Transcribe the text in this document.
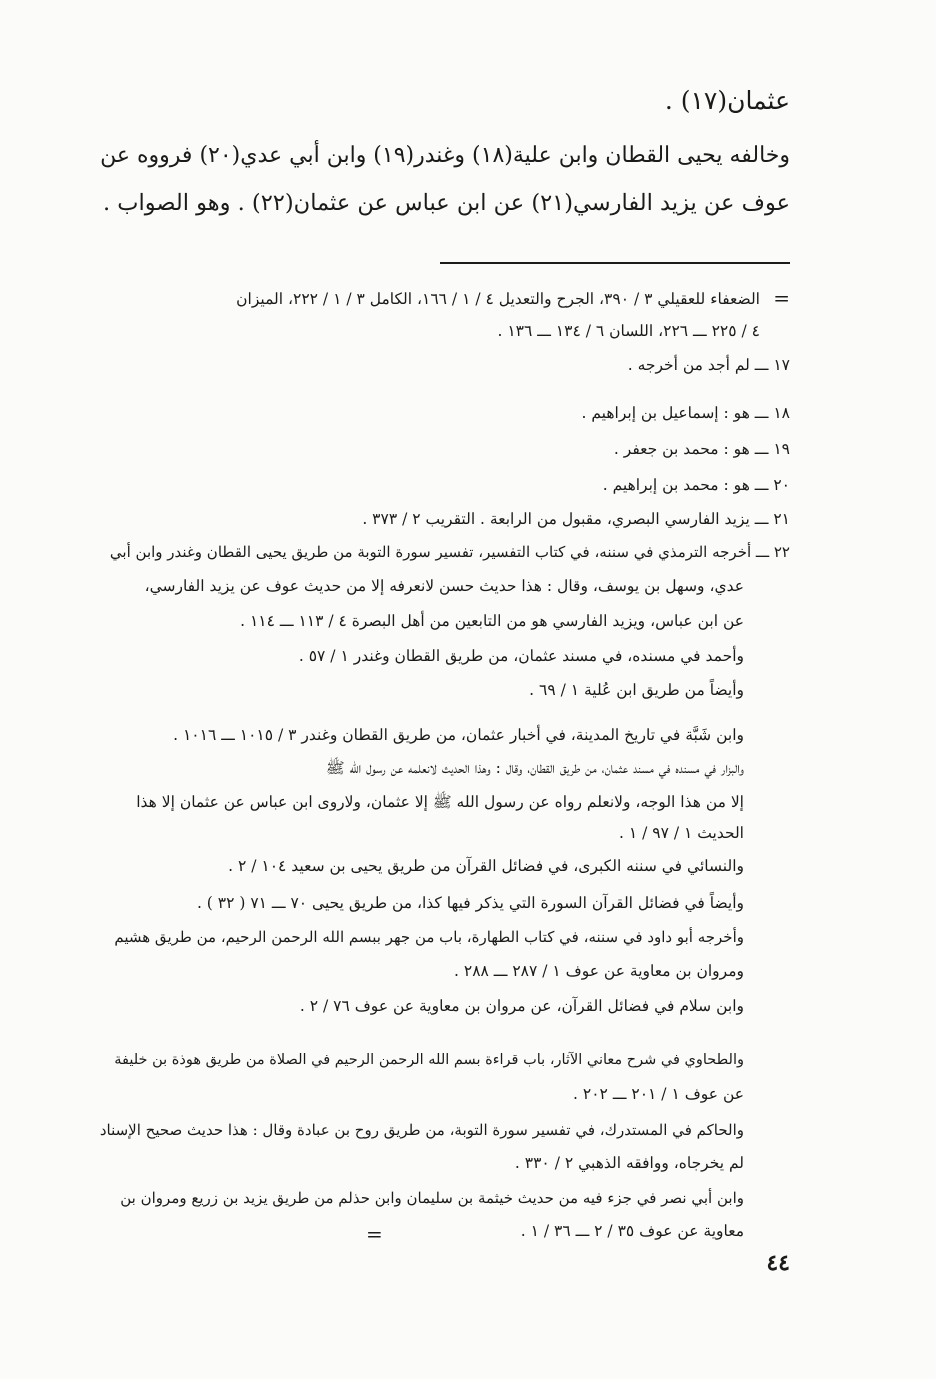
عثمان(١٧) .
وخالفه يحيى القطان وابن علية(١٨) وغندر(١٩) وابن أبي عدي(٢٠) فرووه عن
عوف عن يزيد الفارسي(٢١) عن ابن عباس عن عثمان(٢٢) . وهو الصواب .
=
الضعفاء للعقيلي ٣ / ٣٩٠، الجرح والتعديل ٤ / ١ / ١٦٦، الكامل ٣ / ١ / ٢٢٢، الميزان
٤ / ٢٢٥ ـــ ٢٢٦، اللسان ٦ / ١٣٤ ـــ ١٣٦ .
١٧ ـــ لم أجد من أخرجه .
١٨ ـــ هو : إسماعيل بن إبراهيم .
١٩ ـــ هو : محمد بن جعفر .
٢٠ ـــ هو : محمد بن إبراهيم .
٢١ ـــ يزيد الفارسي البصري، مقبول من الرابعة . التقريب ٢ / ٣٧٣ .
٢٢ ـــ أخرجه الترمذي في سننه، في كتاب التفسير، تفسير سورة التوبة من طريق يحيى القطان وغندر وابن أبي
عدي، وسهل بن يوسف، وقال : هذا حديث حسن لانعرفه إلا من حديث عوف عن يزيد الفارسي،
عن ابن عباس، ويزيد الفارسي هو من التابعين من أهل البصرة ٤ / ١١٣ ـــ ١١٤ .
وأحمد في مسنده، في مسند عثمان، من طريق القطان وغندر ١ / ٥٧ .
وأيضاً من طريق ابن عُلية ١ / ٦٩ .
وابن شَبَّة في تاريخ المدينة، في أخبار عثمان، من طريق القطان وغندر ٣ / ١٠١٥ ـــ ١٠١٦ .
والبزار في مسنده في مسند عثمان، من طريق القطان، وقال : وهذا الحديث لانعلمه عن رسول الله ﷺ
إلا من هذا الوجه، ولانعلم رواه عن رسول الله ﷺ إلا عثمان، ولاروى ابن عباس عن عثمان إلا هذا
الحديث ١ / ٩٧ / ١ .
والنسائي في سننه الكبرى، في فضائل القرآن من طريق يحيى بن سعيد ١٠٤ / ٢ .
وأيضاً في فضائل القرآن السورة التي يذكر فيها كذا، من طريق يحيى ٧٠ ـــ ٧١ ( ٣٢ ) .
وأخرجه أبو داود في سننه، في كتاب الطهارة، باب من جهر ببسم الله الرحمن الرحيم، من طريق هشيم
ومروان بن معاوية عن عوف ١ / ٢٨٧ ـــ ٢٨٨ .
وابن سلام في فضائل القرآن، عن مروان بن معاوية عن عوف ٧٦ / ٢ .
والطحاوي في شرح معاني الآثار، باب قراءة بسم الله الرحمن الرحيم في الصلاة من طريق هوذة بن خليفة
عن عوف ١ / ٢٠١ ـــ ٢٠٢ .
والحاكم في المستدرك، في تفسير سورة التوبة، من طريق روح بن عبادة وقال : هذا حديث صحيح الإسناد
لم يخرجاه، ووافقه الذهبي ٢ / ٣٣٠ .
وابن أبي نصر في جزء فيه من حديث خيثمة بن سليمان وابن حذلم من طريق يزيد بن زريع ومروان بن
معاوية عن عوف ٣٥ / ٢ ـــ ٣٦ / ١ .
=
٤٤
